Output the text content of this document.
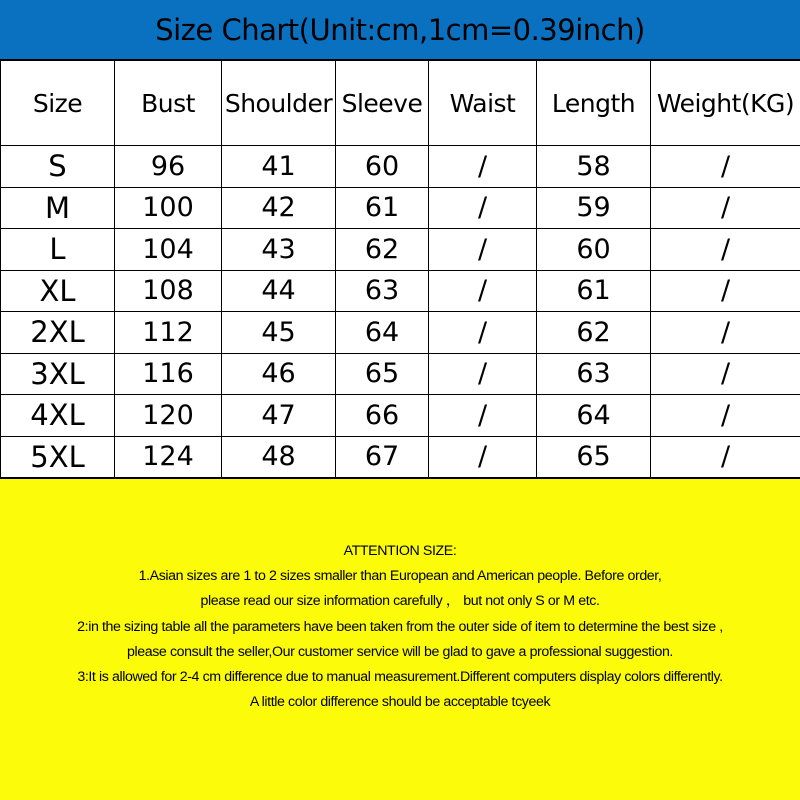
Size Chart(Unit:cm,1cm=0.39inch)
Size	Bust	Shoulder	Sleeve	Waist	Length	Weight(KG)
S	96	41	60	/	58	/
M	100	42	61	/	59	/
L	104	43	62	/	60	/
XL	108	44	63	/	61	/
2XL	112	45	64	/	62	/
3XL	116	46	65	/	63	/
4XL	120	47	66	/	64	/
5XL	124	48	67	/	65	/
ATTENTION SIZE:
1.Asian sizes are 1 to 2 sizes smaller than European and American people. Before order,
please read our size information carefully ， but not only S or M etc.
2:in the sizing table all the parameters have been taken from the outer side of item to determine the best size ,
please consult the seller,Our customer service will be glad to gave a professional suggestion.
3:It is allowed for 2-4 cm difference due to manual measurement.Different computers display colors differently.
A little color difference should be acceptable tcyeek
